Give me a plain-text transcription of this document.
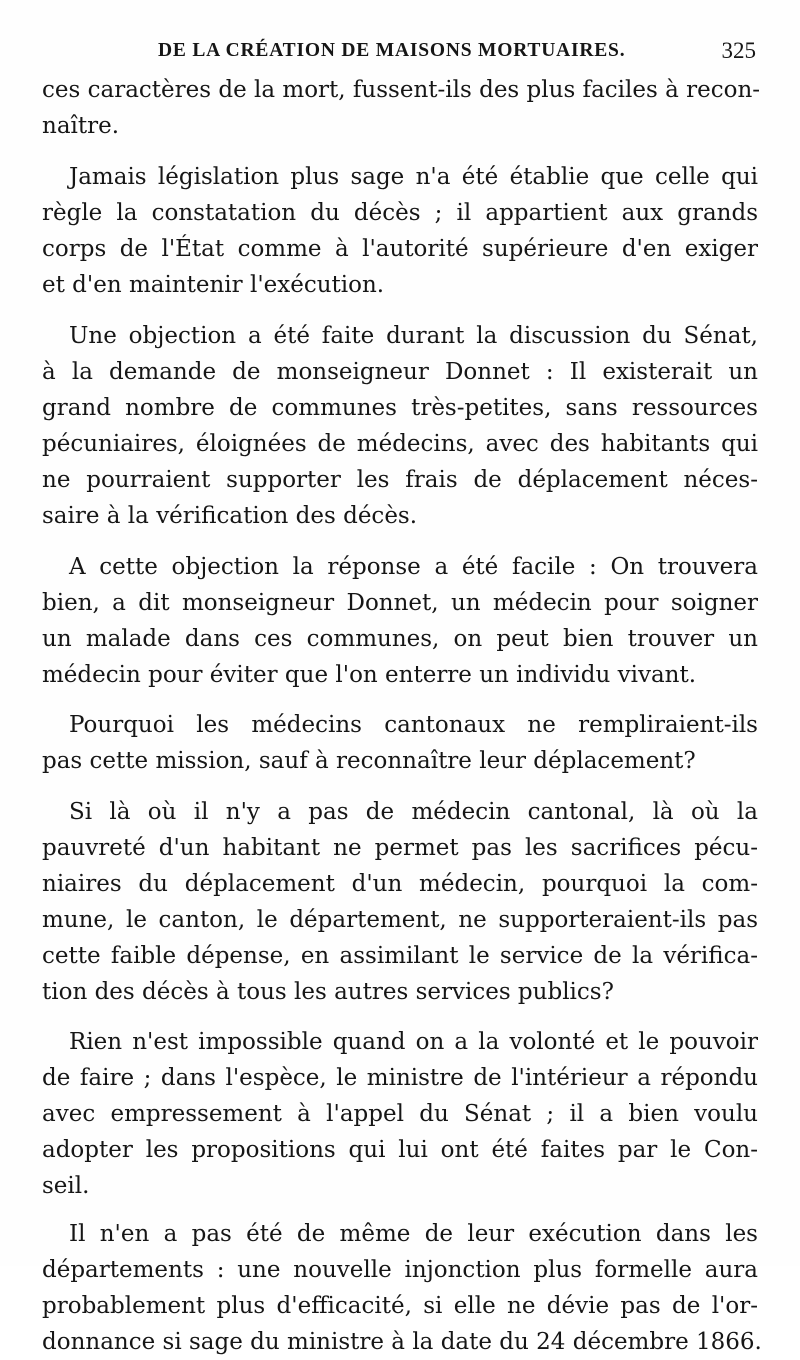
DE LA CRÉATION DE MAISONS MORTUAIRES.	325
ces caractères de la mort, fussent-ils des plus faciles à recon-
naître.
Jamais législation plus sage n'a été établie que celle qui
règle la constatation du décès ; il appartient aux grands
corps de l'État comme à l'autorité supérieure d'en exiger
et d'en maintenir l'exécution.
Une objection a été faite durant la discussion du Sénat,
à la demande de monseigneur Donnet : Il existerait un
grand nombre de communes très-petites, sans ressources
pécuniaires, éloignées de médecins, avec des habitants qui
ne pourraient supporter les frais de déplacement néces-
saire à la vérification des décès.
A cette objection la réponse a été facile : On trouvera
bien, a dit monseigneur Donnet, un médecin pour soigner
un malade dans ces communes, on peut bien trouver un
médecin pour éviter que l'on enterre un individu vivant.
Pourquoi les médecins cantonaux ne rempliraient-ils
pas cette mission, sauf à reconnaître leur déplacement?
Si là où il n'y a pas de médecin cantonal, là où la
pauvreté d'un habitant ne permet pas les sacrifices pécu-
niaires du déplacement d'un médecin, pourquoi la com-
mune, le canton, le département, ne supporteraient-ils pas
cette faible dépense, en assimilant le service de la vérifica-
tion des décès à tous les autres services publics?
Rien n'est impossible quand on a la volonté et le pouvoir
de faire ; dans l'espèce, le ministre de l'intérieur a répondu
avec empressement à l'appel du Sénat ; il a bien voulu
adopter les propositions qui lui ont été faites par le Con-
seil.
Il n'en a pas été de même de leur exécution dans les
départements : une nouvelle injonction plus formelle aura
probablement plus d'efficacité, si elle ne dévie pas de l'or-
donnance si sage du ministre à la date du 24 décembre 1866.
